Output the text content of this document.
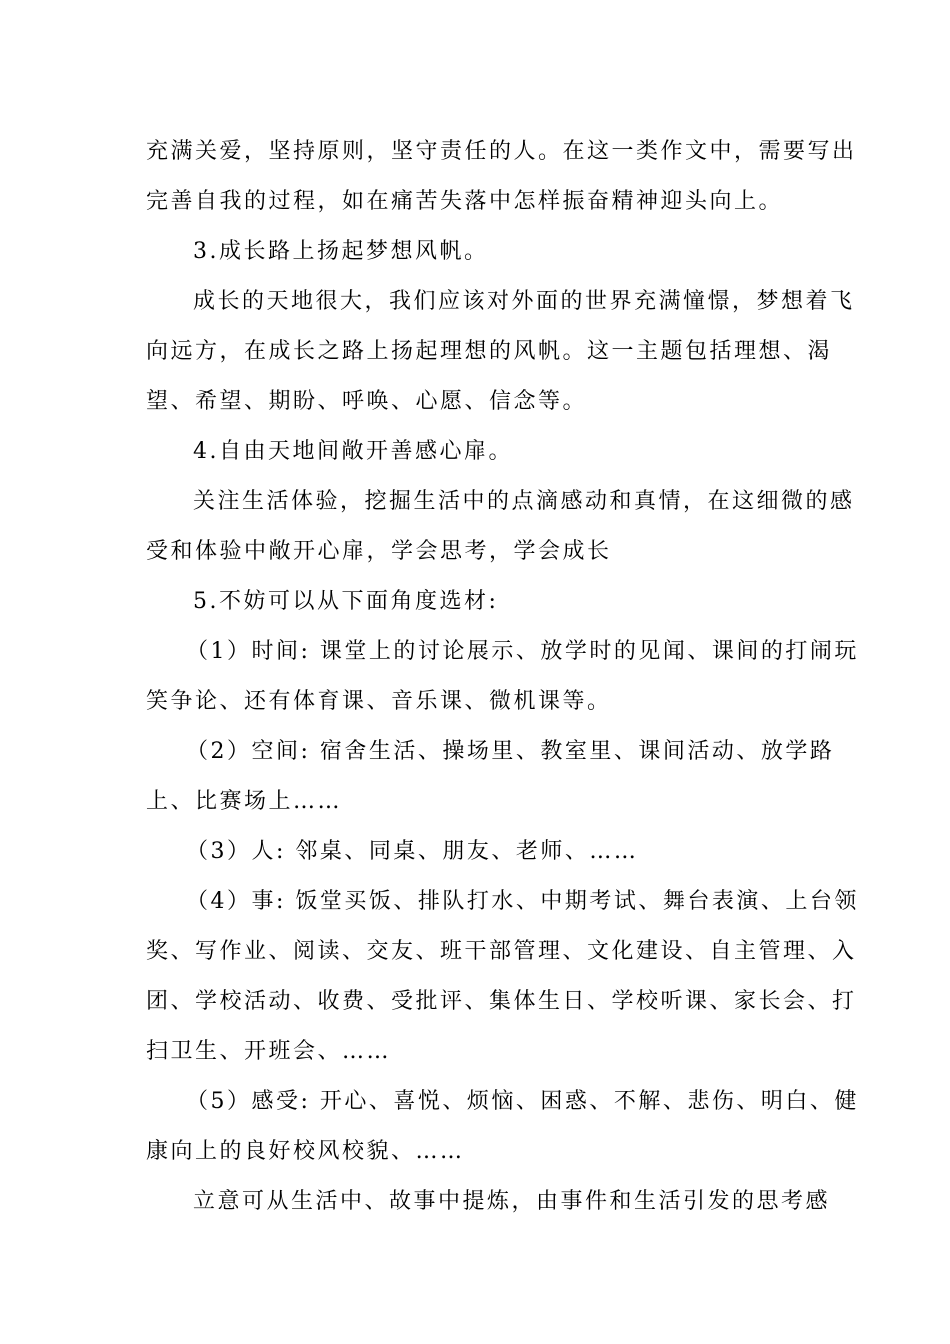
充满关爱，坚持原则，坚守责任的人。在这一类作文中，需要写出
完善自我的过程，如在痛苦失落中怎样振奋精神迎头向上。
3.成长路上扬起梦想风帆。
成长的天地很大，我们应该对外面的世界充满憧憬，梦想着飞
向远方，在成长之路上扬起理想的风帆。这一主题包括理想、渴
望、希望、期盼、呼唤、心愿、信念等。
4.自由天地间敞开善感心扉。
关注生活体验，挖掘生活中的点滴感动和真情，在这细微的感
受和体验中敞开心扉，学会思考，学会成长
5.不妨可以从下面角度选材:
（1）时间: 课堂上的讨论展示、放学时的见闻、课间的打闹玩
笑争论、还有体育课、音乐课、微机课等。
（2）空间: 宿舍生活、操场里、教室里、课间活动、放学路
上、比赛场上……
（3）人: 邻桌、同桌、朋友、老师、……
（4）事: 饭堂买饭、排队打水、中期考试、舞台表演、上台领
奖、写作业、阅读、交友、班干部管理、文化建设、自主管理、入
团、学校活动、收费、受批评、集体生日、学校听课、家长会、打
扫卫生、开班会、……
（5）感受: 开心、喜悦、烦恼、困惑、不解、悲伤、明白、健
康向上的良好校风校貌、……
立意可从生活中、故事中提炼，由事件和生活引发的思考感
